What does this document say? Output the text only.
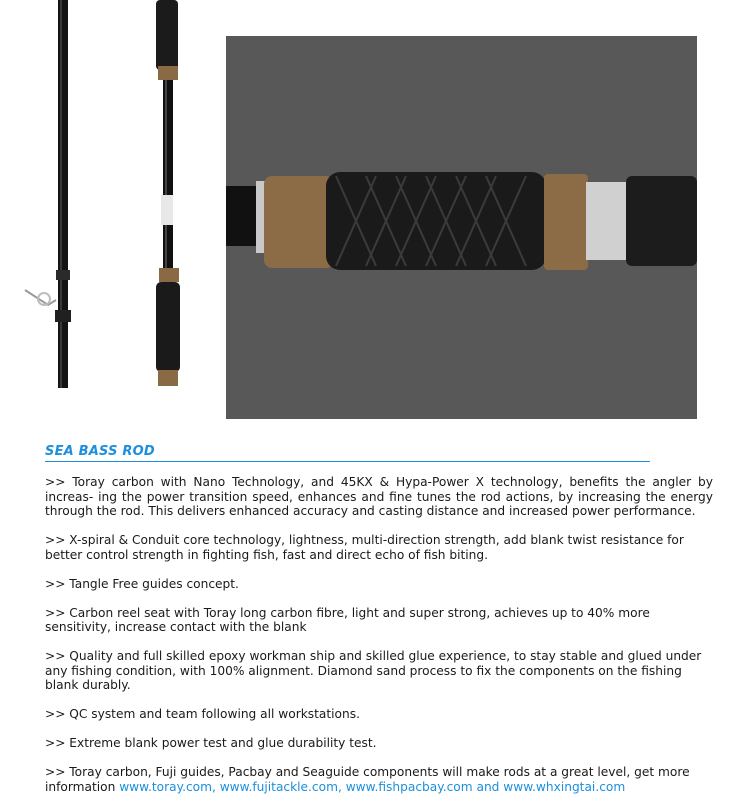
SEA BASS ROD

>> Toray carbon with Nano Technology, and 45KX & Hypa-Power X technology, benefits the angler by increas- ing the power transition speed, enhances and fine tunes the rod actions, by increasing the energy through the rod. This delivers enhanced accuracy and casting distance and increased power performance.

>> X-spiral & Conduit core technology, lightness, multi-direction strength, add blank twist resistance for better control strength in fighting fish, fast and direct echo of fish biting.

>> Tangle Free guides concept.

>> Carbon reel seat with Toray long carbon fibre, light and super strong, achieves up to 40% more sensitivity, increase contact with the blank

>> Quality and full skilled epoxy workman ship and skilled glue experience, to stay stable and glued under any fishing condition, with 100% alignment. Diamond sand process to fix the components on the fishing blank durably.

>> QC system and team following all workstations.

>> Extreme blank power test and glue durability test.

>> Toray carbon, Fuji guides, Pacbay and Seaguide components will make rods at a great level, get more information www.toray.com, www.fujitackle.com, www.fishpacbay.com and www.whxingtai.com
